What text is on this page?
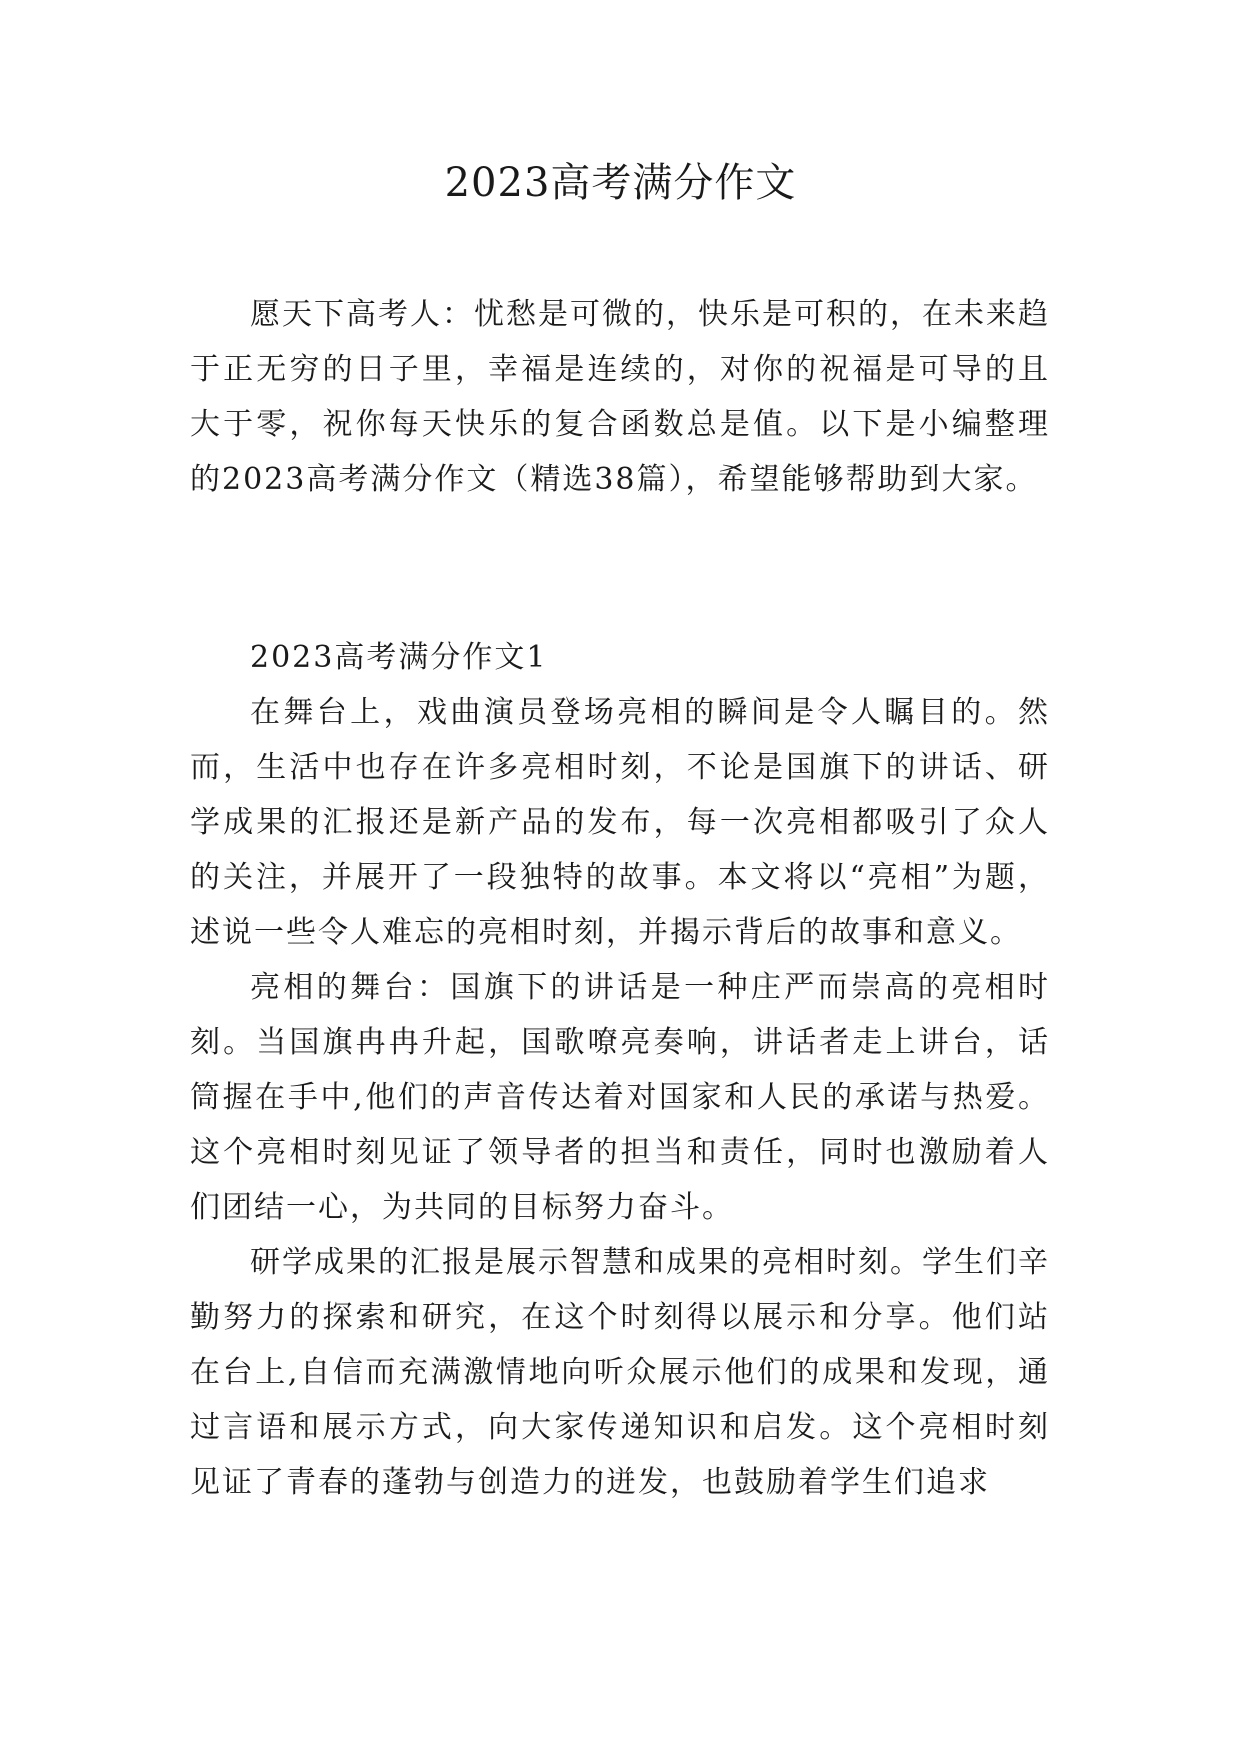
2023高考满分作文

愿天下高考人：忧愁是可微的，快乐是可积的，在未来趋于正无穷的日子里，幸福是连续的，对你的祝福是可导的且大于零，祝你每天快乐的复合函数总是值。以下是小编整理的2023高考满分作文（精选38篇），希望能够帮助到大家。

2023高考满分作文1

在舞台上，戏曲演员登场亮相的瞬间是令人瞩目的。然而，生活中也存在许多亮相时刻，不论是国旗下的讲话、研学成果的汇报还是新产品的发布，每一次亮相都吸引了众人的关注，并展开了一段独特的故事。本文将以“亮相”为题，述说一些令人难忘的亮相时刻，并揭示背后的故事和意义。

亮相的舞台：国旗下的讲话是一种庄严而崇高的亮相时刻。当国旗冉冉升起，国歌嘹亮奏响，讲话者走上讲台，话筒握在手中,他们的声音传达着对国家和人民的承诺与热爱。这个亮相时刻见证了领导者的担当和责任，同时也激励着人们团结一心，为共同的目标努力奋斗。

研学成果的汇报是展示智慧和成果的亮相时刻。学生们辛勤努力的探索和研究，在这个时刻得以展示和分享。他们站在台上,自信而充满激情地向听众展示他们的成果和发现，通过言语和展示方式，向大家传递知识和启发。这个亮相时刻见证了青春的蓬勃与创造力的迸发，也鼓励着学生们追求
